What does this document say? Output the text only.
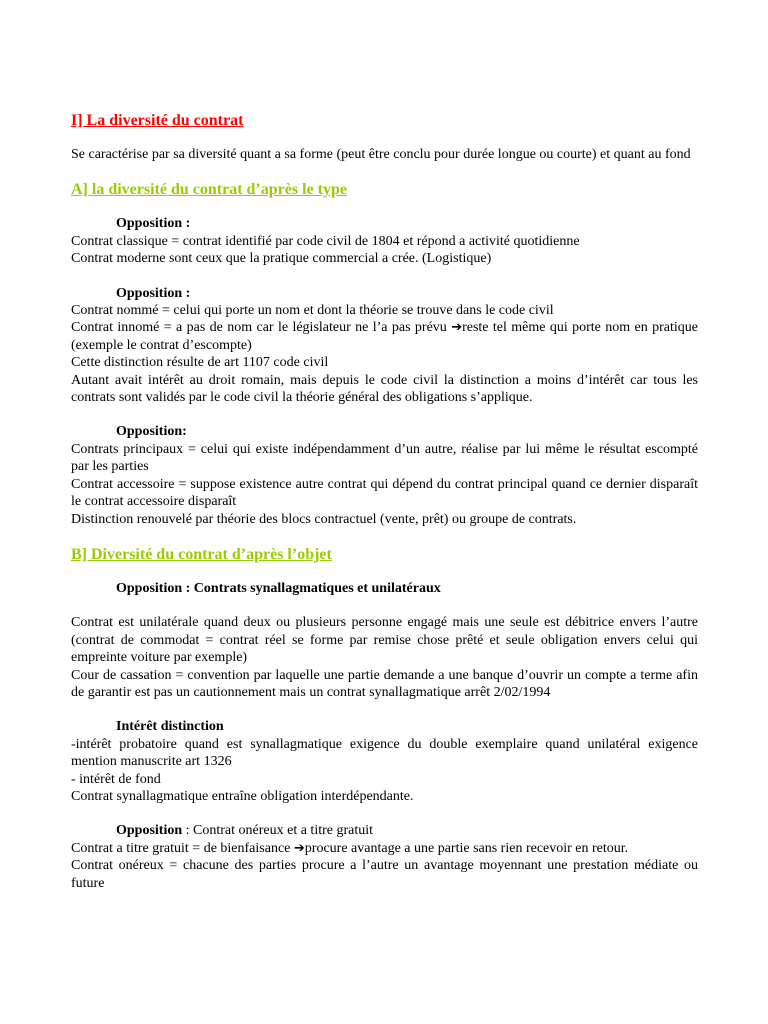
I] La diversité du contrat

Se caractérise par sa diversité quant a sa forme (peut être conclu pour durée longue ou courte) et quant au fond

A] la diversité du contrat d’après le type

Opposition :

Contrat classique = contrat identifié par code civil de 1804 et répond a activité quotidienne

Contrat moderne sont ceux que la pratique commercial a crée. (Logistique)

Opposition :

Contrat nommé = celui qui porte un nom et dont la théorie se trouve dans le code civil

Contrat innomé = a pas de nom car le législateur ne l’a pas prévu ➔reste tel même qui porte nom en pratique (exemple le contrat d’escompte)

Cette distinction résulte de art 1107 code civil

Autant avait intérêt au droit romain, mais depuis le code civil la distinction a moins d’intérêt car tous les contrats sont validés par le code civil la théorie général des obligations s’applique.

Opposition:

Contrats principaux = celui qui existe indépendamment d’un autre, réalise par lui même le résultat escompté par les parties

Contrat accessoire = suppose existence autre contrat qui dépend du contrat principal quand ce dernier disparaît le contrat accessoire disparaît

Distinction renouvelé par théorie des blocs contractuel (vente, prêt) ou groupe de contrats.

B] Diversité du contrat d’après l’objet

Opposition : Contrats synallagmatiques et unilatéraux

Contrat est unilatérale quand deux ou plusieurs personne engagé mais une seule est débitrice envers l’autre (contrat de commodat = contrat réel se forme par remise chose prêté et seule obligation envers celui qui empreinte voiture par exemple)

Cour de cassation = convention par laquelle une partie demande a une banque d’ouvrir un compte a terme afin de garantir est pas un cautionnement mais un contrat synallagmatique arrêt 2/02/1994

Intérêt distinction

-intérêt probatoire quand est synallagmatique exigence du double exemplaire quand unilatéral exigence mention manuscrite art 1326

- intérêt de fond

Contrat synallagmatique entraîne obligation interdépendante.

Opposition : Contrat onéreux et a titre gratuit

Contrat a titre gratuit = de bienfaisance ➔procure avantage a une partie sans rien recevoir en retour.

Contrat onéreux = chacune des parties procure a l’autre un avantage moyennant une prestation médiate ou future
